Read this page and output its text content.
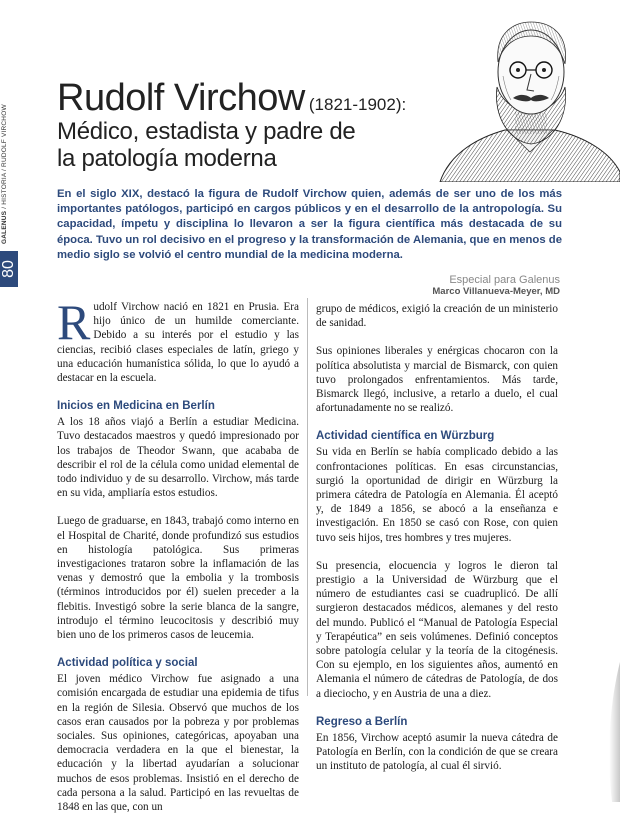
GALENUS / HISTORIA / RUDOLF VIRCHOW
80
Rudolf Virchow (1821-1902):
Médico, estadista y padre de
la patología moderna
En el siglo XIX, destacó la figura de Rudolf Virchow quien, además de ser uno de los más importantes patólogos, participó en cargos públicos y en el desarrollo de la antropología. Su capacidad, ímpetu y disciplina lo llevaron a ser la figura científica más destacada de su época. Tuvo un rol decisivo en el progreso y la transformación de Alemania, que en menos de medio siglo se volvió el centro mundial de la medicina moderna.
Especial para Galenus
Marco Villanueva-Meyer, MD

Rudolf Virchow nació en 1821 en Prusia. Era hijo único de un humilde comerciante. Debido a su interés por el estudio y las ciencias, recibió clases especiales de latín, griego y una educación humanística sólida, lo que lo ayudó a destacar en la escuela.

Inicios en Medicina en Berlín

A los 18 años viajó a Berlín a estudiar Medicina. Tuvo destacados maestros y quedó impresionado por los trabajos de Theodor Swann, que acababa de describir el rol de la célula como unidad elemental de todo individuo y de su desarrollo. Virchow, más tarde en su vida, ampliaría estos estudios.

Luego de graduarse, en 1843, trabajó como interno en el Hospital de Charité, donde profundizó sus estudios en histología patológica. Sus primeras investigaciones trataron sobre la inflamación de las venas y demostró que la embolia y la trombosis (términos introducidos por él) suelen preceder a la flebitis. Investigó sobre la serie blanca de la sangre, introdujo el término leucocitosis y describió muy bien uno de los primeros casos de leucemia.

Actividad política y social

El joven médico Virchow fue asignado a una comisión encargada de estudiar una epidemia de tifus en la región de Silesia. Observó que muchos de los casos eran causados por la pobreza y por problemas sociales. Sus opiniones, categóricas, apoyaban una democracia verdadera en la que el bienestar, la educación y la libertad ayudarían a solucionar muchos de esos problemas. Insistió en el derecho de cada persona a la salud. Participó en las revueltas de 1848 en las que, con un

grupo de médicos, exigió la creación de un ministerio de sanidad.

Sus opiniones liberales y enérgicas chocaron con la política absolutista y marcial de Bismarck, con quien tuvo prolongados enfrentamientos. Más tarde, Bismarck llegó, inclusive, a retarlo a duelo, el cual afortunadamente no se realizó.

Actividad científica en Würzburg

Su vida en Berlín se había complicado debido a las confrontaciones políticas. En esas circunstancias, surgió la oportunidad de dirigir en Würzburg la primera cátedra de Patología en Alemania. Él aceptó y, de 1849 a 1856, se abocó a la enseñanza e investigación. En 1850 se casó con Rose, con quien tuvo seis hijos, tres hombres y tres mujeres.

Su presencia, elocuencia y logros le dieron tal prestigio a la Universidad de Würzburg que el número de estudiantes casi se cuadruplicó. De allí surgieron destacados médicos, alemanes y del resto del mundo. Publicó el “Manual de Patología Especial y Terapéutica” en seis volúmenes. Definió conceptos sobre patología celular y la teoría de la citogénesis. Con su ejemplo, en los siguientes años, aumentó en Alemania el número de cátedras de Patología, de dos a dieciocho, y en Austria de una a diez.

Regreso a Berlín

En 1856, Virchow aceptó asumir la nueva cátedra de Patología en Berlín, con la condición de que se creara un instituto de patología, al cual él sirvió.
